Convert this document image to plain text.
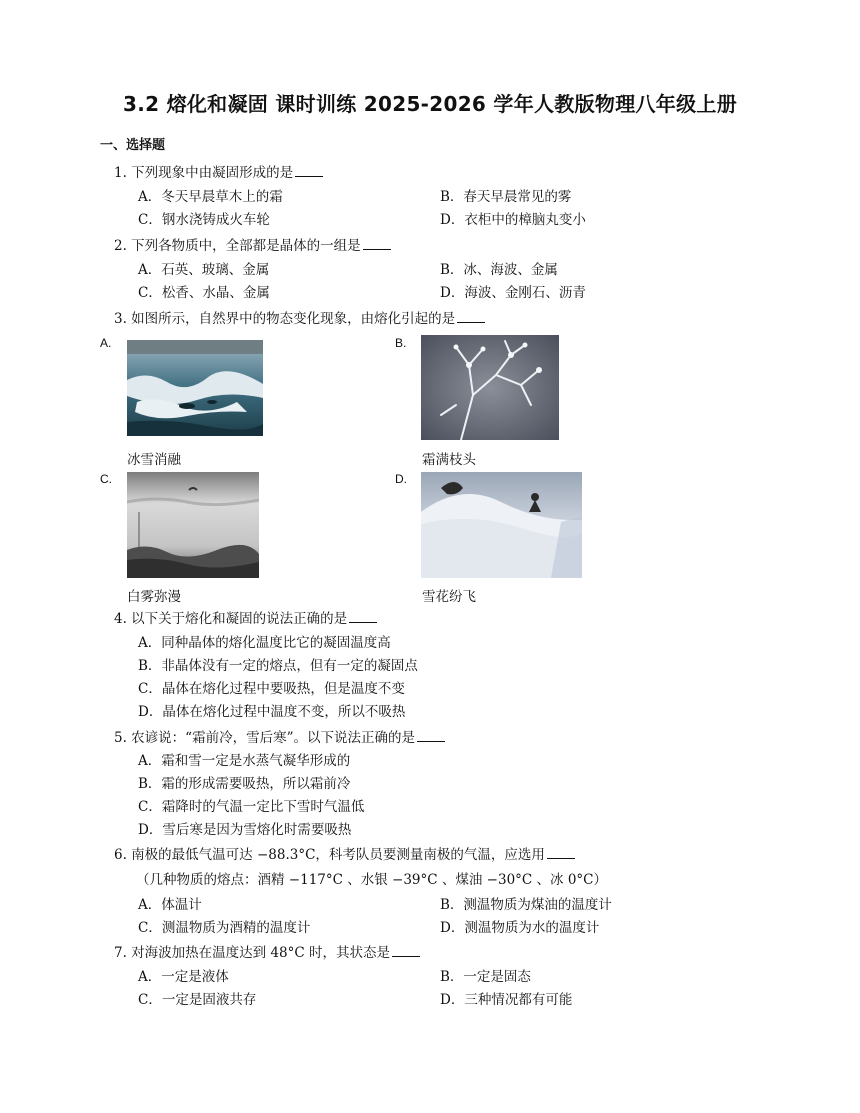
3.2 熔化和凝固 课时训练 2025-2026 学年人教版物理八年级上册
一、选择题
1. 下列现象中由凝固形成的是
A．冬天早晨草木上的霜	B．春天早晨常见的雾
C．钢水浇铸成火车轮	D．衣柜中的樟脑丸变小
2. 下列各物质中，全部都是晶体的一组是
A．石英、玻璃、金属	B．冰、海波、金属
C．松香、水晶、金属	D．海波、金刚石、沥青
3. 如图所示，自然界中的物态变化现象，由熔化引起的是
A.
冰雪消融
B.
霜满枝头
C.
白雾弥漫
D.
雪花纷飞
4. 以下关于熔化和凝固的说法正确的是
A．同种晶体的熔化温度比它的凝固温度高
B．非晶体没有一定的熔点，但有一定的凝固点
C．晶体在熔化过程中要吸热，但是温度不变
D．晶体在熔化过程中温度不变，所以不吸热
5. 农谚说：“霜前冷，雪后寒”。以下说法正确的是
A．霜和雪一定是水蒸气凝华形成的
B．霜的形成需要吸热，所以霜前冷
C．霜降时的气温一定比下雪时气温低
D．雪后寒是因为雪熔化时需要吸热
6. 南极的最低气温可达 −88.3°C，科考队员要测量南极的气温，应选用
（几种物质的熔点：酒精 −117°C 、水银 −39°C 、煤油 −30°C 、冰 0°C）
A．体温计	B．测温物质为煤油的温度计
C．测温物质为酒精的温度计	D．测温物质为水的温度计
7. 对海波加热在温度达到 48°C 时，其状态是
A．一定是液体	B．一定是固态
C．一定是固液共存	D．三种情况都有可能
